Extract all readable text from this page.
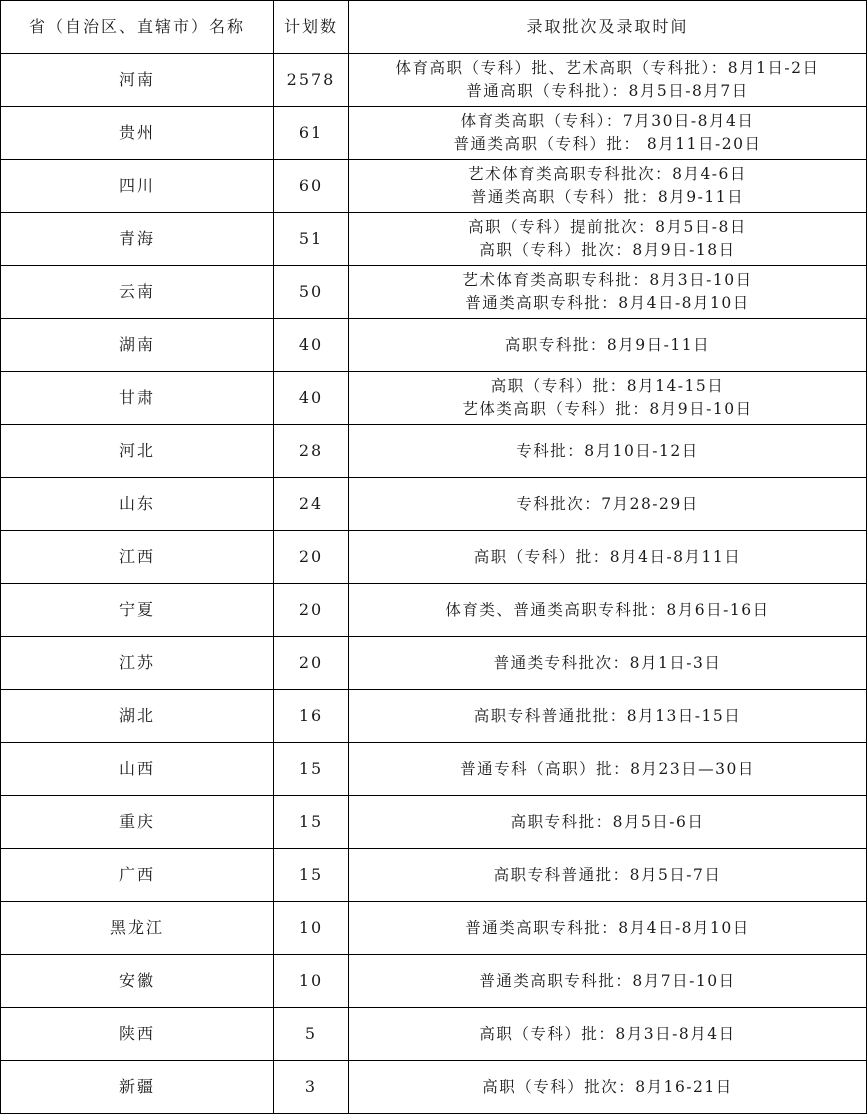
省（自治区、直辖市）名称	计划数	录取批次及录取时间
河南	2578	体育高职（专科）批、艺术高职（专科批）：8月1日-2日
普通高职（专科批）：8月5日-8月7日

贵州	61	体育类高职（专科）：7月30日-8月4日
普通类高职（专科）批： 8月11日-20日

四川	60	艺术体育类高职专科批次：8月4-6日
普通类高职（专科）批：8月9-11日

青海	51	高职（专科）提前批次：8月5日-8日
高职（专科）批次：8月9日-18日

云南	50	艺术体育类高职专科批：8月3日-10日
普通类高职专科批：8月4日-8月10日

湖南	40	高职专科批：8月9日-11日

甘肃	40	高职（专科）批：8月14-15日
艺体类高职（专科）批：8月9日-10日

河北	28	专科批：8月10日-12日

山东	24	专科批次：7月28-29日

江西	20	高职（专科）批：8月4日-8月11日

宁夏	20	体育类、普通类高职专科批：8月6日-16日

江苏	20	普通类专科批次：8月1日-3日

湖北	16	高职专科普通批批：8月13日-15日

山西	15	普通专科（高职）批：8月23日—30日

重庆	15	高职专科批：8月5日-6日

广西	15	高职专科普通批：8月5日-7日

黑龙江	10	普通类高职专科批：8月4日-8月10日

安徽	10	普通类高职专科批：8月7日-10日

陕西	5	高职（专科）批：8月3日-8月4日

新疆	3	高职（专科）批次：8月16-21日
